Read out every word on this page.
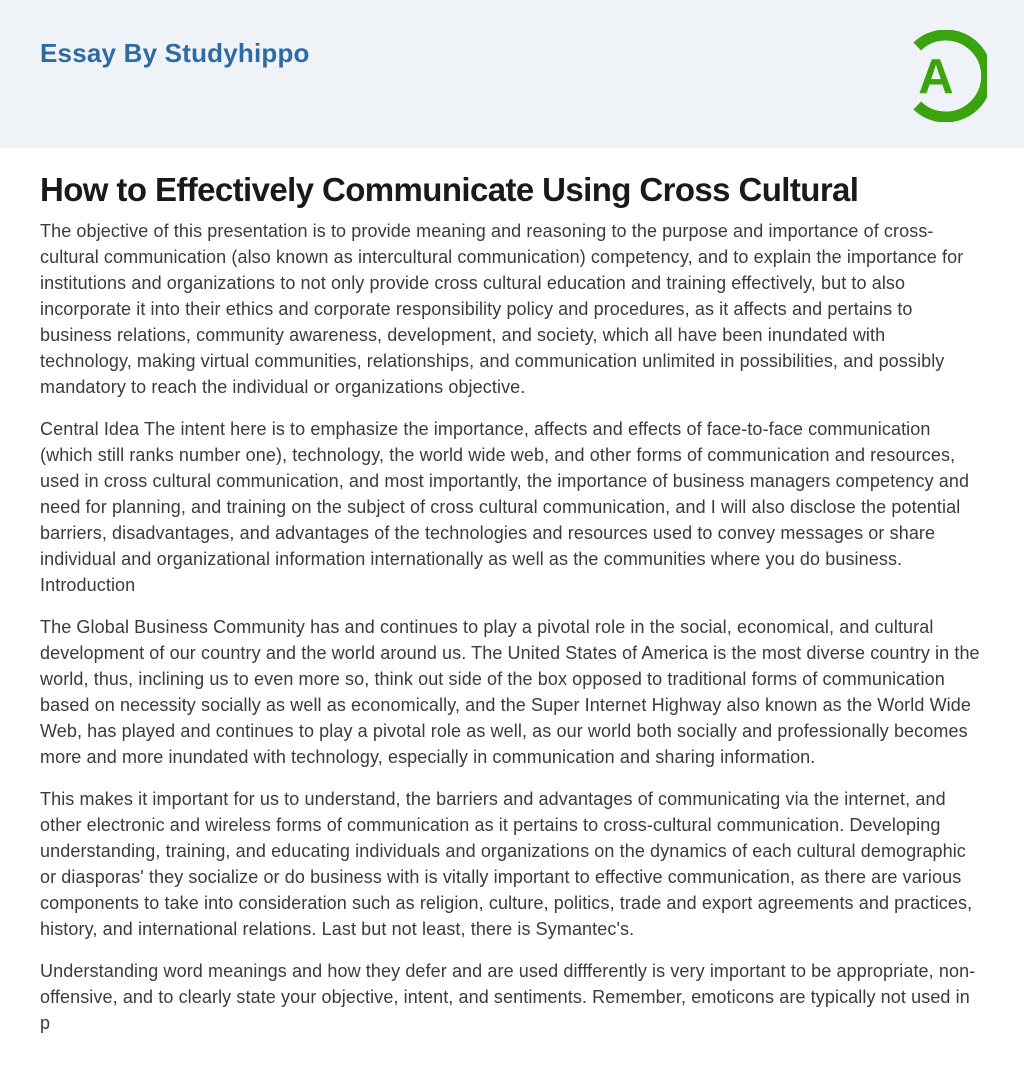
Essay By Studyhippo	A
How to Effectively Communicate Using Cross Cultural

The objective of this presentation is to provide meaning and reasoning to the purpose and importance of cross-cultural communication (also known as intercultural communication) competency, and to explain the importance for institutions and organizations to not only provide cross cultural education and training effectively, but to also incorporate it into their ethics and corporate responsibility policy and procedures, as it affects and pertains to business relations, community awareness, development, and society, which all have been inundated with technology, making virtual communities, relationships, and communication unlimited in possibilities, and possibly mandatory to reach the individual or organizations objective.

Central Idea The intent here is to emphasize the importance, affects and effects of face-to-face communication (which still ranks number one), technology, the world wide web, and other forms of communication and resources, used in cross cultural communication, and most importantly, the importance of business managers competency and need for planning, and training on the subject of cross cultural communication, and I will also disclose the potential barriers, disadvantages, and advantages of the technologies and resources used to convey messages or share individual and organizational information internationally as well as the communities where you do business. Introduction

The Global Business Community has and continues to play a pivotal role in the social, economical, and cultural development of our country and the world around us. The United States of America is the most diverse country in the world, thus, inclining us to even more so, think out side of the box opposed to traditional forms of communication based on necessity socially as well as economically, and the Super Internet Highway also known as the World Wide Web, has played and continues to play a pivotal role as well, as our world both socially and professionally becomes more and more inundated with technology, especially in communication and sharing information.

This makes it important for us to understand, the barriers and advantages of communicating via the internet, and other electronic and wireless forms of communication as it pertains to cross-cultural communication. Developing understanding, training, and educating individuals and organizations on the dynamics of each cultural demographic or diasporas' they socialize or do business with is vitally important to effective communication, as there are various components to take into consideration such as religion, culture, politics, trade and export agreements and practices, history, and international relations. Last but not least, there is Symantec's.

Understanding word meanings and how they defer and are used diffferently is very important to be appropriate, non-offensive, and to clearly state your objective, intent, and sentiments. Remember, emoticons are typically not used in p
